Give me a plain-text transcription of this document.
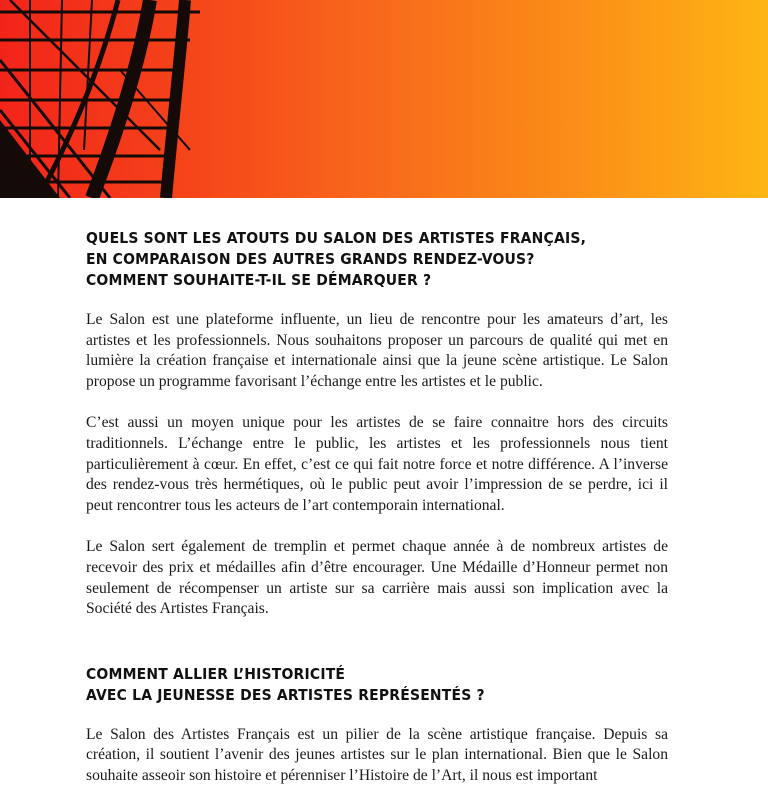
QUELS SONT LES ATOUTS DU SALON DES ARTISTES FRANÇAIS,
EN COMPARAISON DES AUTRES GRANDS RENDEZ-VOUS?
COMMENT SOUHAITE-T-IL SE DÉMARQUER ?

Le Salon est une plateforme influente, un lieu de rencontre pour les amateurs d’art, les artistes et les professionnels. Nous souhaitons proposer un parcours de qualité qui met en lumière la création française et internationale ainsi que la jeune scène artistique. Le Salon propose un programme favorisant l’échange entre les artistes et le public.

C’est aussi un moyen unique pour les artistes de se faire connaitre hors des circuits traditionnels. L’échange entre le public, les artistes et les professionnels nous tient particulièrement à cœur. En effet, c’est ce qui fait notre force et notre différence. A l’inverse des rendez-vous très hermétiques, où le public peut avoir l’impression de se perdre, ici il peut rencontrer tous les acteurs de l’art contemporain international.

Le Salon sert également de tremplin et permet chaque année à de nombreux artistes de recevoir des prix et médailles afin d’être encourager. Une Médaille d’Honneur permet non seulement de récompenser un artiste sur sa carrière mais aussi son implication avec la Société des Artistes Français.

COMMENT ALLIER L’HISTORICITÉ
AVEC LA JEUNESSE DES ARTISTES REPRÉSENTÉS ?

Le Salon des Artistes Français est un pilier de la scène artistique française. Depuis sa création, il soutient l’avenir des jeunes artistes sur le plan international. Bien que le Salon souhaite asseoir son histoire et pérenniser l’Histoire de l’Art, il nous est important
